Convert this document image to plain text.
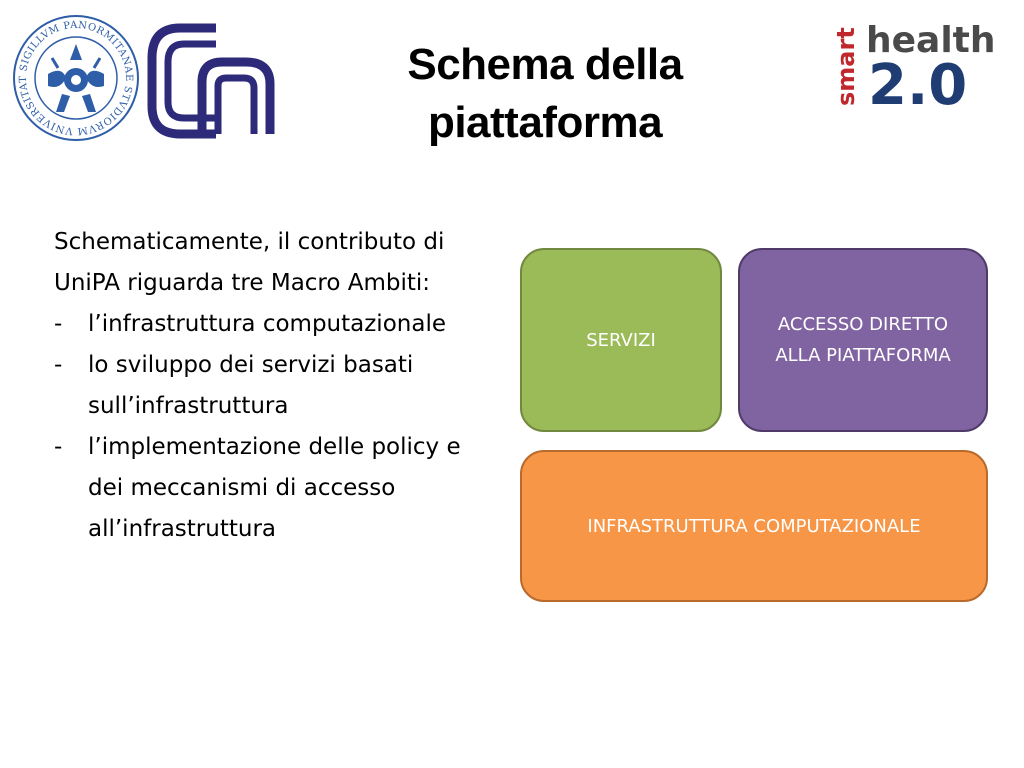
SIGILLVM PANORMITANAE STVDIORVM VNIVERSITAT	smart health
2.0
Schema della
piattaforma
Schematicamente, il contributo di UniPA riguarda tre Macro Ambiti:
- l’infrastruttura computazionale
- lo sviluppo dei servizi basati sull’infrastruttura
- l’implementazione delle policy e dei meccanismi di accesso all’infrastruttura
SERVIZI
ACCESSO DIRETTO ALLA PIATTAFORMA
INFRASTRUTTURA COMPUTAZIONALE
